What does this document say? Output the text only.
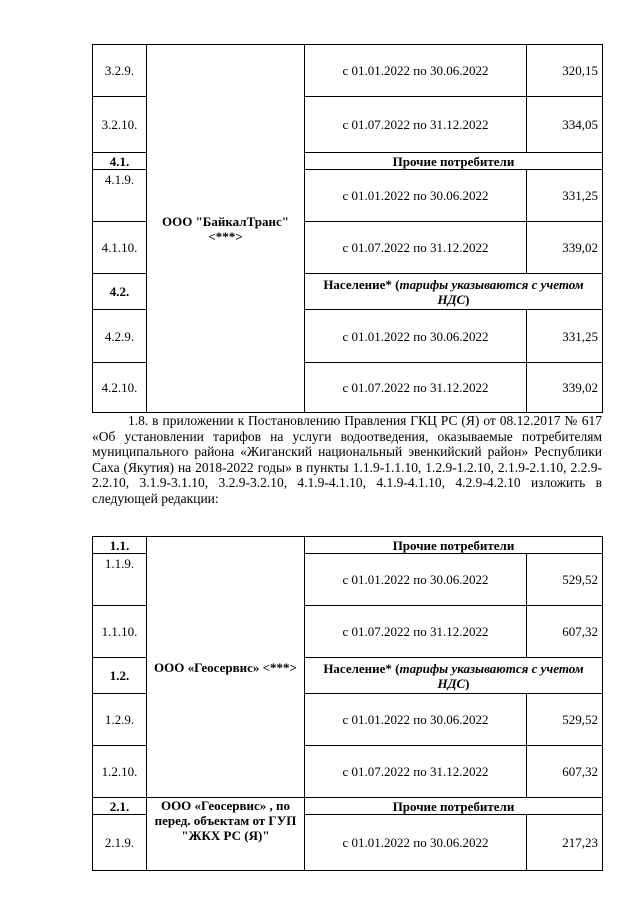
3.2.9.	ООО "БайкалТранс" <***>	с 01.01.2022 по 30.06.2022	320,15
3.2.10.		с 01.07.2022 по 31.12.2022	334,05
4.1.		Прочие потребители	
4.1.9.		с 01.01.2022 по 30.06.2022	331,25
4.1.10.		с 01.07.2022 по 31.12.2022	339,02
4.2.		Население* (тарифы указываются с учетом НДС)	
4.2.9.		с 01.01.2022 по 30.06.2022	331,25
4.2.10.		с 01.07.2022 по 31.12.2022	339,02

1.8. в приложении к Постановлению Правления ГКЦ РС (Я) от 08.12.2017 № 617 «Об установлении тарифов на услуги водоотведения, оказываемые потребителям муниципального района «Жиганский национальный эвенкийский район» Республики Саха (Якутия) на 2018-2022 годы» в пункты 1.1.9-1.1.10, 1.2.9-1.2.10, 2.1.9-2.1.10, 2.2.9-2.2.10, 3.1.9-3.1.10, 3.2.9-3.2.10, 4.1.9-4.1.10, 4.1.9-4.1.10, 4.2.9-4.2.10 изложить в следующей редакции:

1.1.	ООО «Геосервис» <***>	Прочие потребители	
1.1.9.		с 01.01.2022 по 30.06.2022	529,52
1.1.10.		с 01.07.2022 по 31.12.2022	607,32
1.2.		Население* (тарифы указываются с учетом НДС)	
1.2.9.		с 01.01.2022 по 30.06.2022	529,52
1.2.10.		с 01.07.2022 по 31.12.2022	607,32
2.1.	ООО «Геосервис» , по перед. объектам от ГУП "ЖКХ РС (Я)"	Прочие потребители	
2.1.9.		с 01.01.2022 по 30.06.2022	217,23
